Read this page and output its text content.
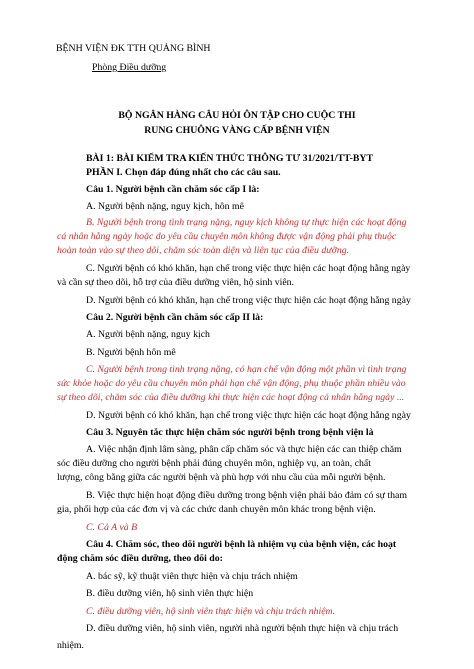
BỆNH VIỆN ĐK TTH QUẢNG BÌNH
Phòng Điều dưỡng
BỘ NGÂN HÀNG CÂU HỎI ÔN TẬP CHO CUỘC THI
RUNG CHUÔNG VÀNG CẤP BỆNH VIỆN
BÀI 1: BÀI KIỂM TRA KIẾN THỨC THÔNG TƯ 31/2021/TT-BYT
PHẦN I. Chọn đáp đúng nhất cho các câu sau.
Câu 1. Người bệnh cần chăm sóc cấp I là:
A. Người bệnh nặng, nguy kịch, hôn mê
B. Người bệnh trong tình trạng nặng, nguy kịch không tự thực hiện các hoạt động
cá nhân hằng ngày hoặc do yêu cầu chuyên môn không được vận động phải phụ thuộc
hoàn toàn vào sự theo dõi, chăm sóc toàn diện và liên tục của điều dưỡng.
C. Người bệnh có khó khăn, hạn chế trong việc thực hiện các hoạt động hằng ngày
và cần sự theo dõi, hỗ trợ của điều dưỡng viên, hộ sinh viên.
D. Người bệnh có khó khăn, hạn chế trong việc thực hiện các hoạt động hằng ngày
Câu 2. Người bệnh cần chăm sóc cấp II là:
A. Người bệnh nặng, nguy kịch
B. Người bệnh hôn mê
C. Người bệnh trong tình trạng nặng, có hạn chế vận động một phần vì tình trạng
sức khỏe hoặc do yêu cầu chuyên môn phải hạn chế vận động, phụ thuộc phần nhiều vào
sự theo dõi, chăm sóc của điều dưỡng khi thực hiện các hoạt động cá nhân hằng ngày ...
D. Người bệnh có khó khăn, hạn chế trong việc thực hiện các hoạt động hằng ngày
Câu 3. Nguyên tắc thực hiện chăm sóc người bệnh trong bệnh viện là
A. Việc nhận định lâm sàng, phân cấp chăm sóc và thực hiện các can thiệp chăm
sóc điều dưỡng cho người bệnh phải đúng chuyên môn, nghiệp vụ, an toàn, chất
lượng, công bằng giữa các người bệnh và phù hợp với nhu cầu của mỗi người bệnh.
B. Việc thực hiện hoạt động điều dưỡng trong bệnh viện phải bảo đảm có sự tham
gia, phối hợp của các đơn vị và các chức danh chuyên môn khác trong bệnh viện.
C. Cả A và B
Câu 4. Chăm sóc, theo dõi người bệnh là nhiệm vụ của bệnh viện, các hoạt
động chăm sóc điều dưỡng, theo dõi do:
A. bác sỹ, kỹ thuật viên thực hiện và chịu trách nhiệm
B. điều dưỡng viên, hộ sinh viên thực hiện
C. điều dưỡng viên, hộ sinh viên thực hiện và chịu trách nhiệm.
D. điều dưỡng viên, hộ sinh viên, người nhà người bệnh thực hiện và chịu trách
nhiệm.
